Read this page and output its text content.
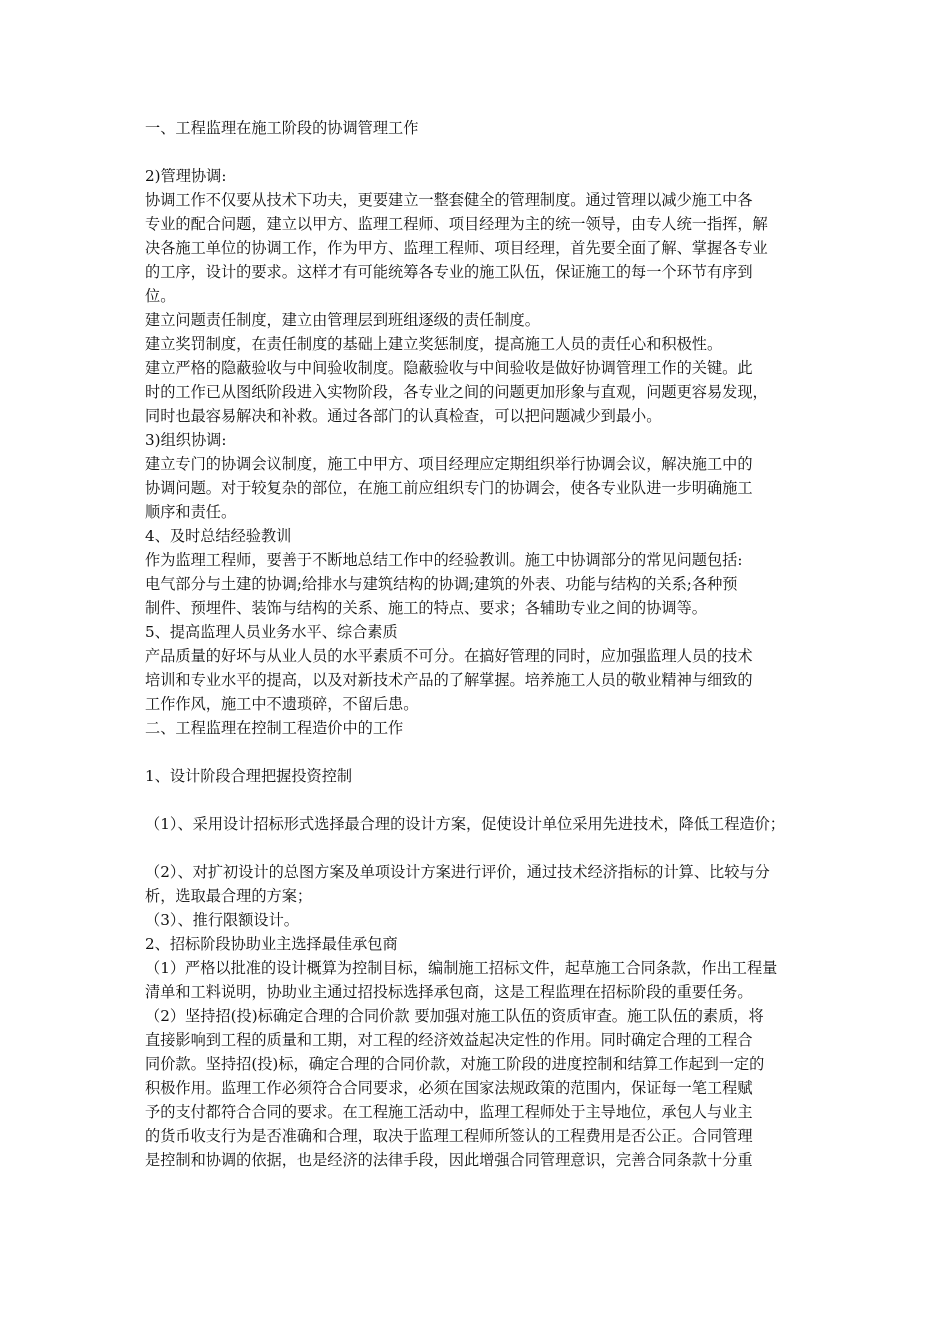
一、工程监理在施工阶段的协调管理工作
2)管理协调:
协调工作不仅要从技术下功夫，更要建立一整套健全的管理制度。通过管理以减少施工中各
专业的配合问题，建立以甲方、监理工程师、项目经理为主的统一领导，由专人统一指挥，解
决各施工单位的协调工作，作为甲方、监理工程师、项目经理，首先要全面了解、掌握各专业
的工序，设计的要求。这样才有可能统筹各专业的施工队伍，保证施工的每一个环节有序到
位。
建立问题责任制度，建立由管理层到班组逐级的责任制度。
建立奖罚制度，在责任制度的基础上建立奖惩制度，提高施工人员的责任心和积极性。
建立严格的隐蔽验收与中间验收制度。隐蔽验收与中间验收是做好协调管理工作的关键。此
时的工作已从图纸阶段进入实物阶段，各专业之间的问题更加形象与直观，问题更容易发现，
同时也最容易解决和补救。通过各部门的认真检查，可以把问题减少到最小。
3)组织协调:
建立专门的协调会议制度，施工中甲方、项目经理应定期组织举行协调会议，解决施工中的
协调问题。对于较复杂的部位，在施工前应组织专门的协调会，使各专业队进一步明确施工
顺序和责任。
4、及时总结经验教训
作为监理工程师，要善于不断地总结工作中的经验教训。施工中协调部分的常见问题包括:
电气部分与土建的协调;给排水与建筑结构的协调;建筑的外表、功能与结构的关系;各种预
制件、预埋件、装饰与结构的关系、施工的特点、要求；各辅助专业之间的协调等。
5、提高监理人员业务水平、综合素质
产品质量的好坏与从业人员的水平素质不可分。在搞好管理的同时，应加强监理人员的技术
培训和专业水平的提高，以及对新技术产品的了解掌握。培养施工人员的敬业精神与细致的
工作作风，施工中不遗琐碎，不留后患。
二、工程监理在控制工程造价中的工作
1、设计阶段合理把握投资控制
（1）、采用设计招标形式选择最合理的设计方案，促使设计单位采用先进技术，降低工程造价；
（2）、对扩初设计的总图方案及单项设计方案进行评价，通过技术经济指标的计算、比较与分
析，选取最合理的方案；
（3）、推行限额设计。
2、招标阶段协助业主选择最佳承包商
（1）严格以批准的设计概算为控制目标，编制施工招标文件，起草施工合同条款，作出工程量
清单和工料说明，协助业主通过招投标选择承包商，这是工程监理在招标阶段的重要任务。
（2）坚持招(投)标确定合理的合同价款 要加强对施工队伍的资质审查。施工队伍的素质，将
直接影响到工程的质量和工期，对工程的经济效益起决定性的作用。同时确定合理的工程合
同价款。坚持招(投)标，确定合理的合同价款，对施工阶段的进度控制和结算工作起到一定的
积极作用。监理工作必须符合合同要求，必须在国家法规政策的范围内，保证每一笔工程赋
予的支付都符合合同的要求。在工程施工活动中，监理工程师处于主导地位，承包人与业主
的货币收支行为是否准确和合理，取决于监理工程师所签认的工程费用是否公正。合同管理
是控制和协调的依据，也是经济的法律手段，因此增强合同管理意识，完善合同条款十分重
